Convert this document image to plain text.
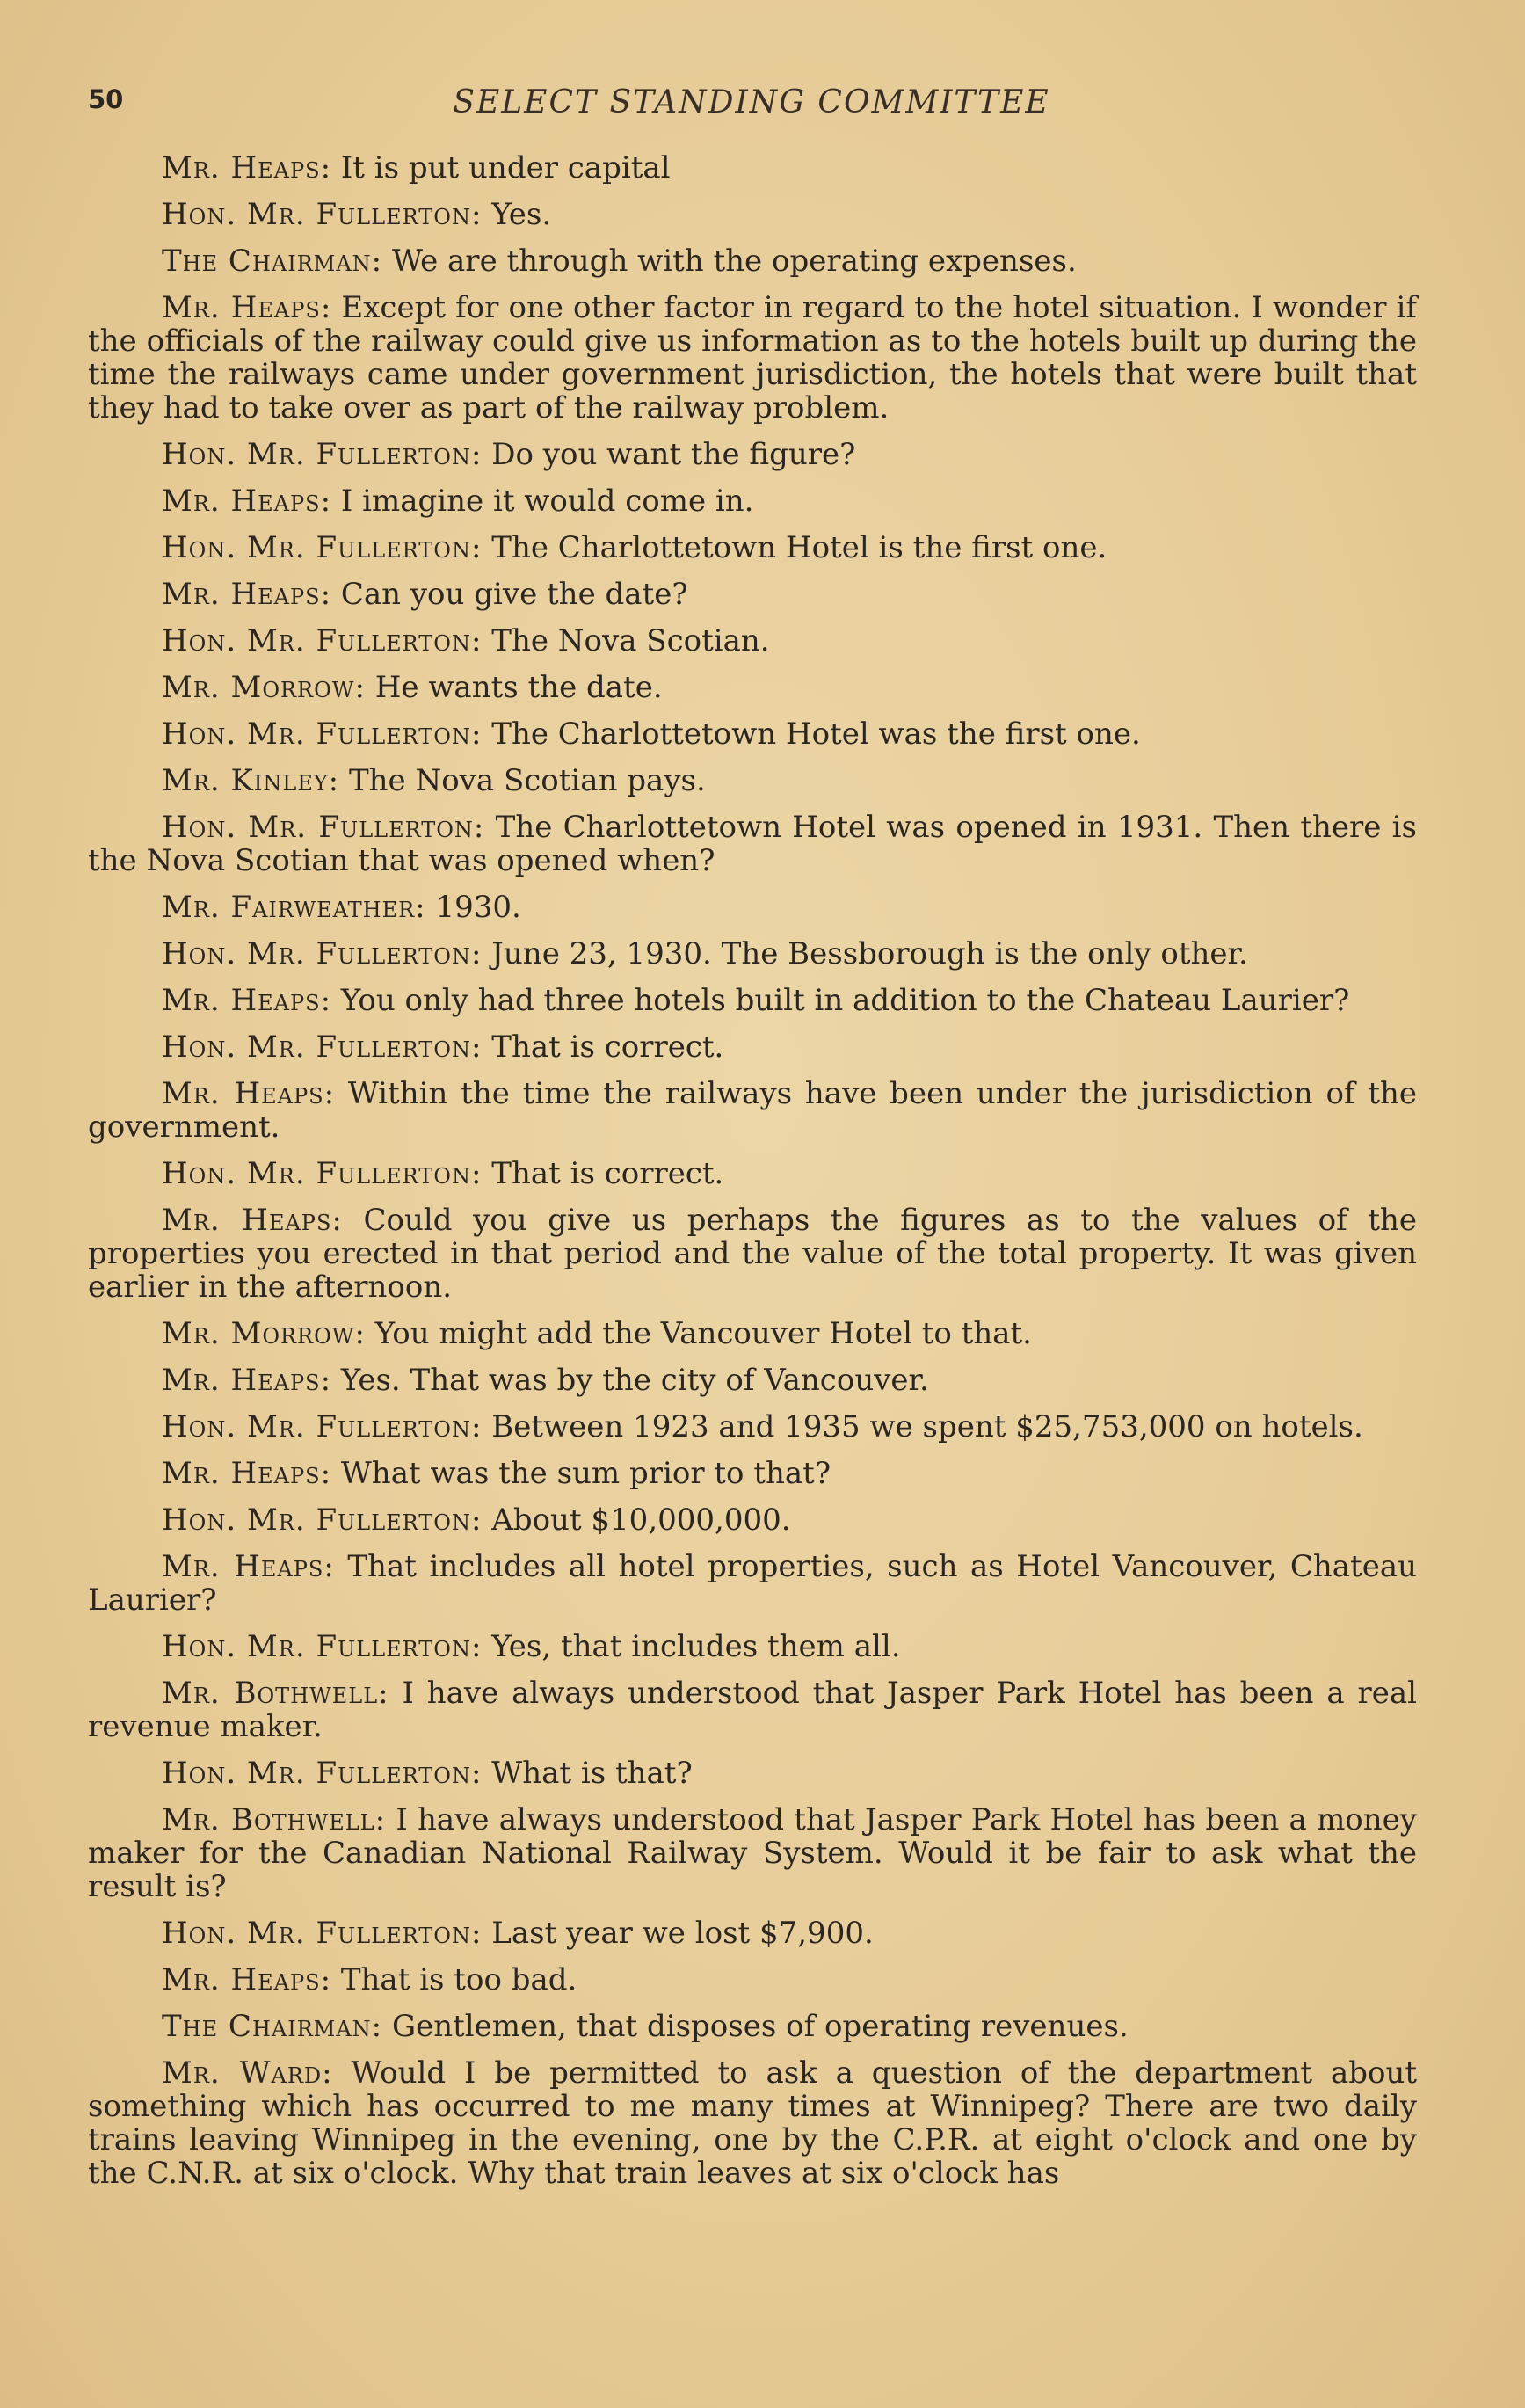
50	SELECT STANDING COMMITTEE

Mr. Heaps: It is put under capital

Hon. Mr. Fullerton: Yes.

The Chairman: We are through with the operating expenses.

Mr. Heaps: Except for one other factor in regard to the hotel situation. I wonder if the officials of the railway could give us information as to the hotels built up during the time the railways came under government jurisdiction, the hotels that were built that they had to take over as part of the railway problem.

Hon. Mr. Fullerton: Do you want the figure?

Mr. Heaps: I imagine it would come in.

Hon. Mr. Fullerton: The Charlottetown Hotel is the first one.

Mr. Heaps: Can you give the date?

Hon. Mr. Fullerton: The Nova Scotian.

Mr. Morrow: He wants the date.

Hon. Mr. Fullerton: The Charlottetown Hotel was the first one.

Mr. Kinley: The Nova Scotian pays.

Hon. Mr. Fullerton: The Charlottetown Hotel was opened in 1931. Then there is the Nova Scotian that was opened when?

Mr. Fairweather: 1930.

Hon. Mr. Fullerton: June 23, 1930. The Bessborough is the only other.

Mr. Heaps: You only had three hotels built in addition to the Chateau Laurier?

Hon. Mr. Fullerton: That is correct.

Mr. Heaps: Within the time the railways have been under the jurisdiction of the government.

Hon. Mr. Fullerton: That is correct.

Mr. Heaps: Could you give us perhaps the figures as to the values of the properties you erected in that period and the value of the total property. It was given earlier in the afternoon.

Mr. Morrow: You might add the Vancouver Hotel to that.

Mr. Heaps: Yes. That was by the city of Vancouver.

Hon. Mr. Fullerton: Between 1923 and 1935 we spent $25,753,000 on hotels.

Mr. Heaps: What was the sum prior to that?

Hon. Mr. Fullerton: About $10,000,000.

Mr. Heaps: That includes all hotel properties, such as Hotel Vancouver, Chateau Laurier?

Hon. Mr. Fullerton: Yes, that includes them all.

Mr. Bothwell: I have always understood that Jasper Park Hotel has been a real revenue maker.

Hon. Mr. Fullerton: What is that?

Mr. Bothwell: I have always understood that Jasper Park Hotel has been a money maker for the Canadian National Railway System. Would it be fair to ask what the result is?

Hon. Mr. Fullerton: Last year we lost $7,900.

Mr. Heaps: That is too bad.

The Chairman: Gentlemen, that disposes of operating revenues.

Mr. Ward: Would I be permitted to ask a question of the department about something which has occurred to me many times at Winnipeg? There are two daily trains leaving Winnipeg in the evening, one by the C.P.R. at eight o'clock and one by the C.N.R. at six o'clock. Why that train leaves at six o'clock has
